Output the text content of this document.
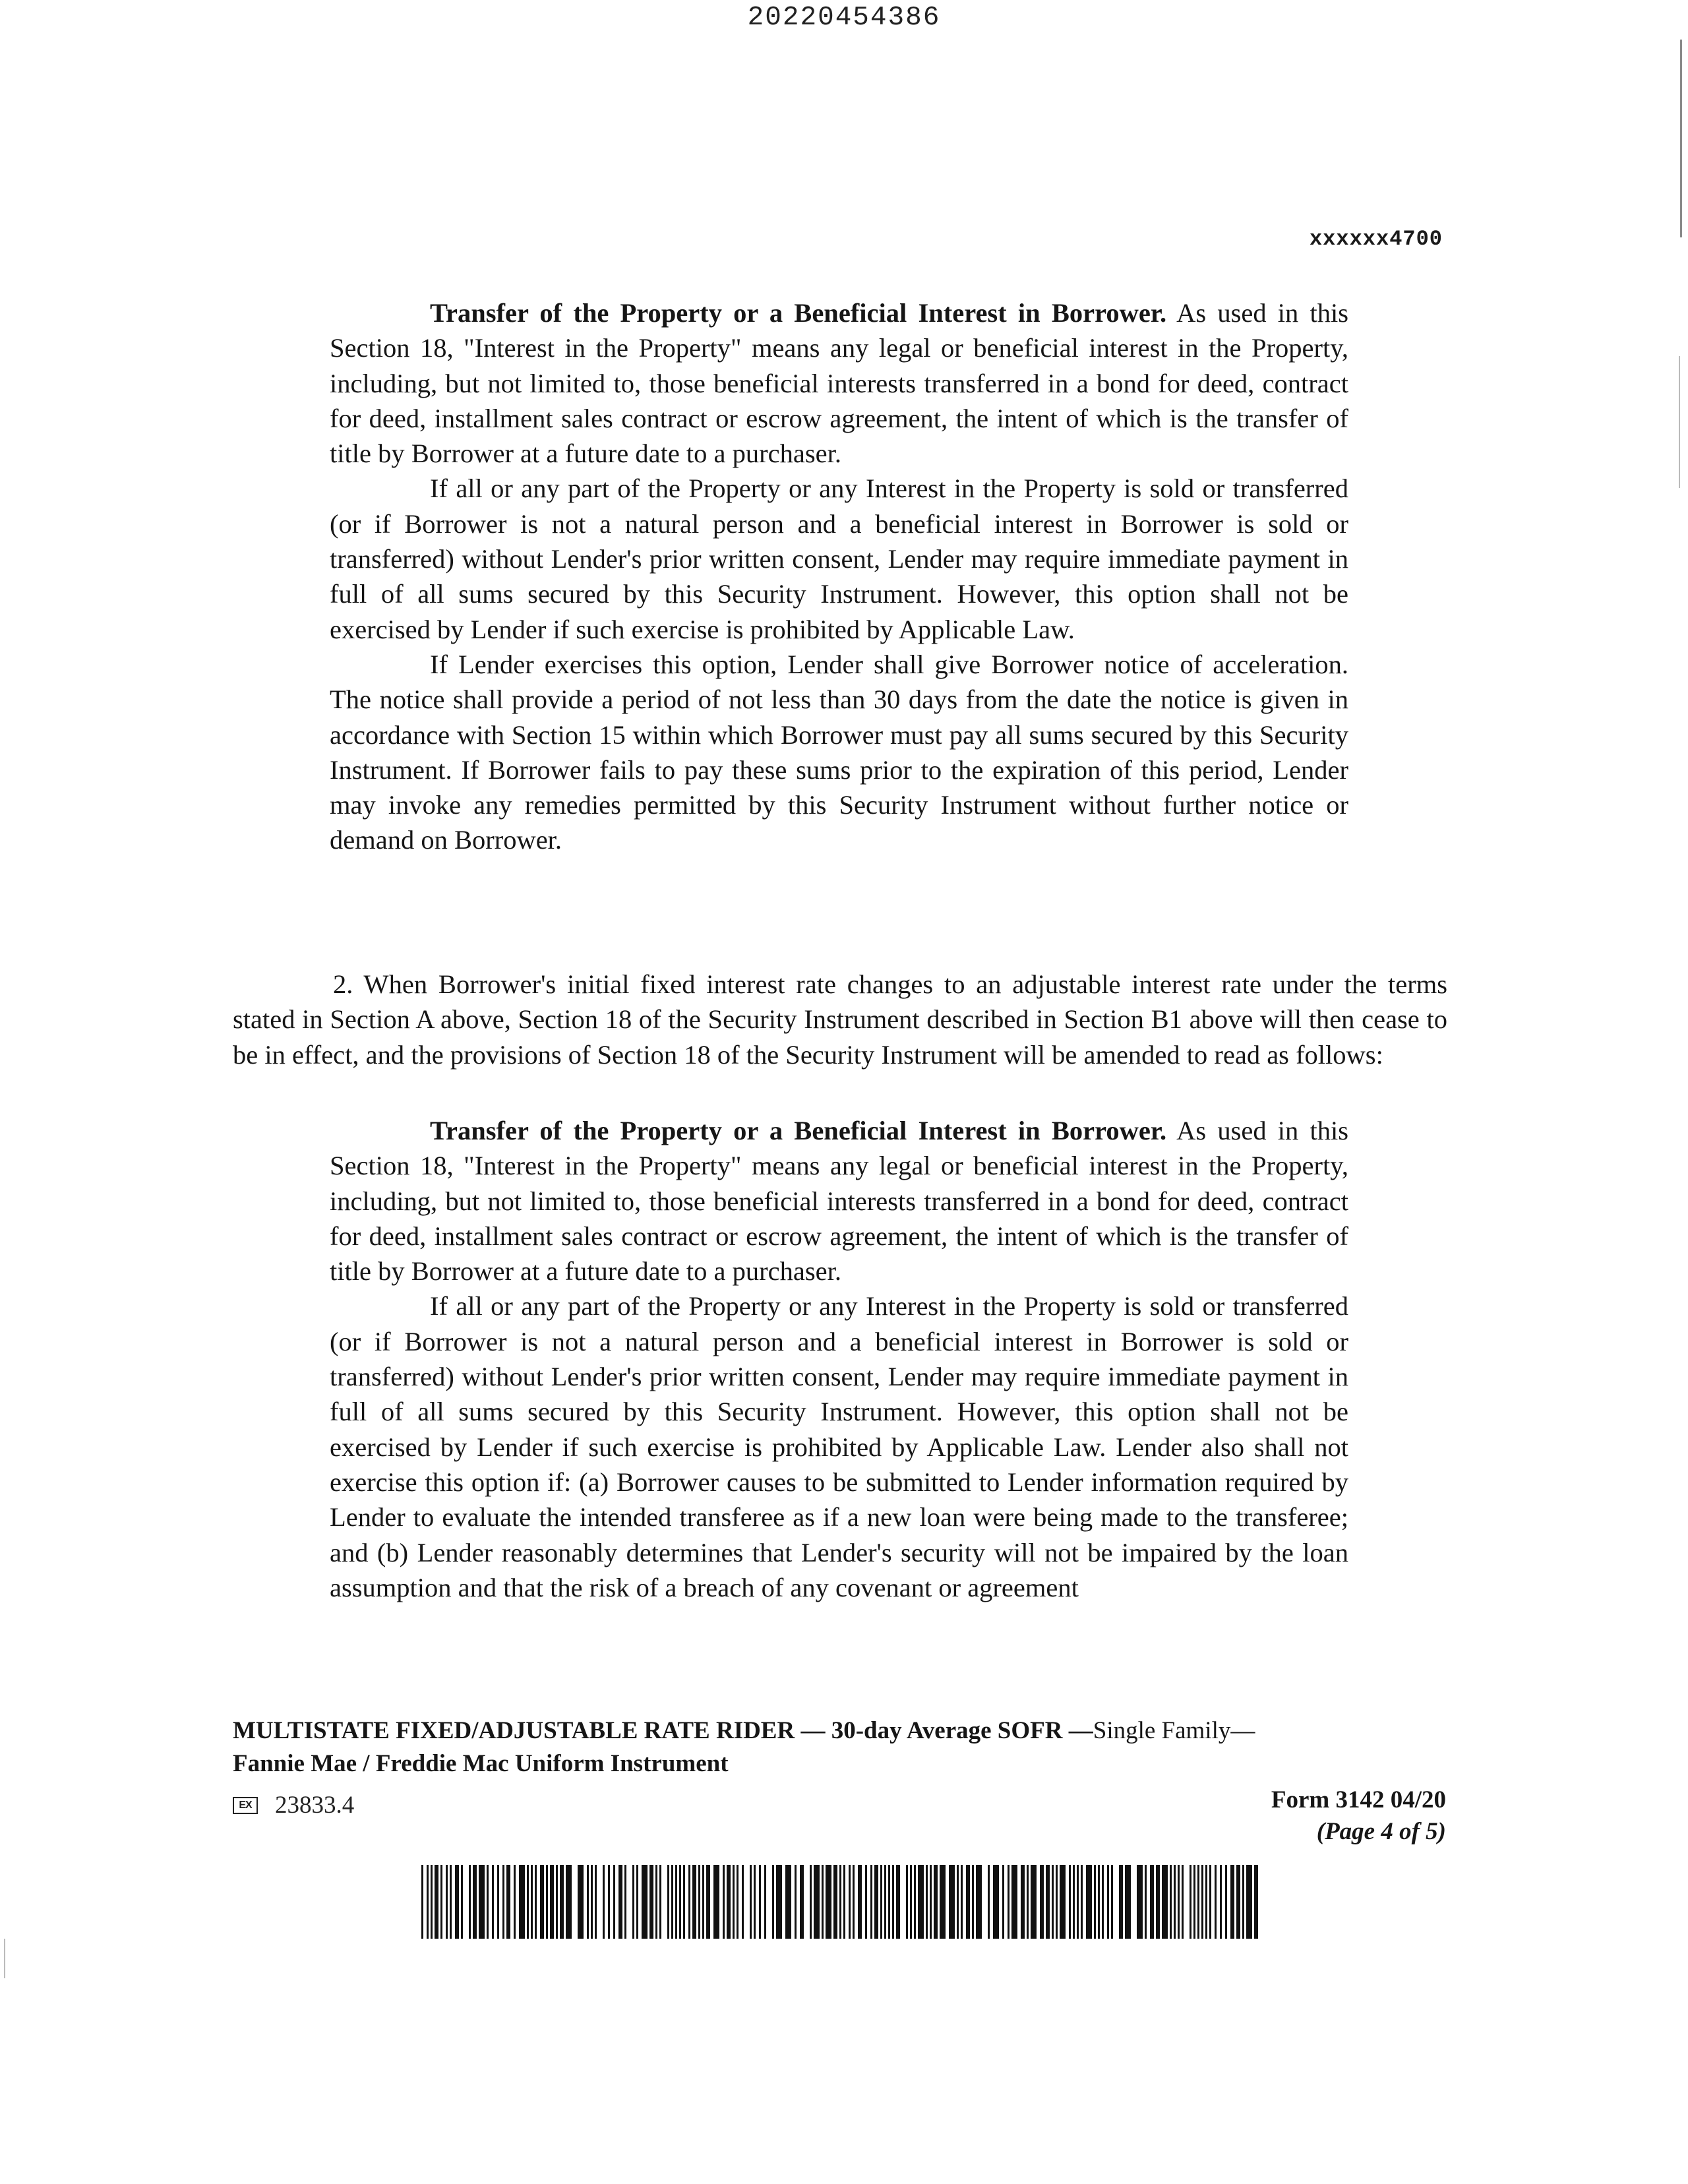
20220454386
xxxxxx4700

Transfer of the Property or a Beneficial Interest in Borrower. As used in this Section 18, "Interest in the Property" means any legal or beneficial interest in the Property, including, but not limited to, those beneficial interests transferred in a bond for deed, contract for deed, installment sales contract or escrow agreement, the intent of which is the transfer of title by Borrower at a future date to a purchaser.

If all or any part of the Property or any Interest in the Property is sold or transferred (or if Borrower is not a natural person and a beneficial interest in Borrower is sold or transferred) without Lender's prior written consent, Lender may require immediate payment in full of all sums secured by this Security Instrument. However, this option shall not be exercised by Lender if such exercise is prohibited by Applicable Law.

If Lender exercises this option, Lender shall give Borrower notice of acceleration. The notice shall provide a period of not less than 30 days from the date the notice is given in accordance with Section 15 within which Borrower must pay all sums secured by this Security Instrument. If Borrower fails to pay these sums prior to the expiration of this period, Lender may invoke any remedies permitted by this Security Instrument without further notice or demand on Borrower.

2. When Borrower's initial fixed interest rate changes to an adjustable interest rate under the terms stated in Section A above, Section 18 of the Security Instrument described in Section B1 above will then cease to be in effect, and the provisions of Section 18 of the Security Instrument will be amended to read as follows:

Transfer of the Property or a Beneficial Interest in Borrower. As used in this Section 18, "Interest in the Property" means any legal or beneficial interest in the Property, including, but not limited to, those beneficial interests transferred in a bond for deed, contract for deed, installment sales contract or escrow agreement, the intent of which is the transfer of title by Borrower at a future date to a purchaser.

If all or any part of the Property or any Interest in the Property is sold or transferred (or if Borrower is not a natural person and a beneficial interest in Borrower is sold or transferred) without Lender's prior written consent, Lender may require immediate payment in full of all sums secured by this Security Instrument. However, this option shall not be exercised by Lender if such exercise is prohibited by Applicable Law. Lender also shall not exercise this option if: (a) Borrower causes to be submitted to Lender information required by Lender to evaluate the intended transferee as if a new loan were being made to the transferee; and (b) Lender reasonably determines that Lender's security will not be impaired by the loan assumption and that the risk of a breach of any covenant or agreement

MULTISTATE FIXED/ADJUSTABLE RATE RIDER — 30-day Average SOFR —Single Family—
Fannie Mae / Freddie Mac Uniform Instrument
EX 23833.4	Form 3142 04/20
(Page 4 of 5)
